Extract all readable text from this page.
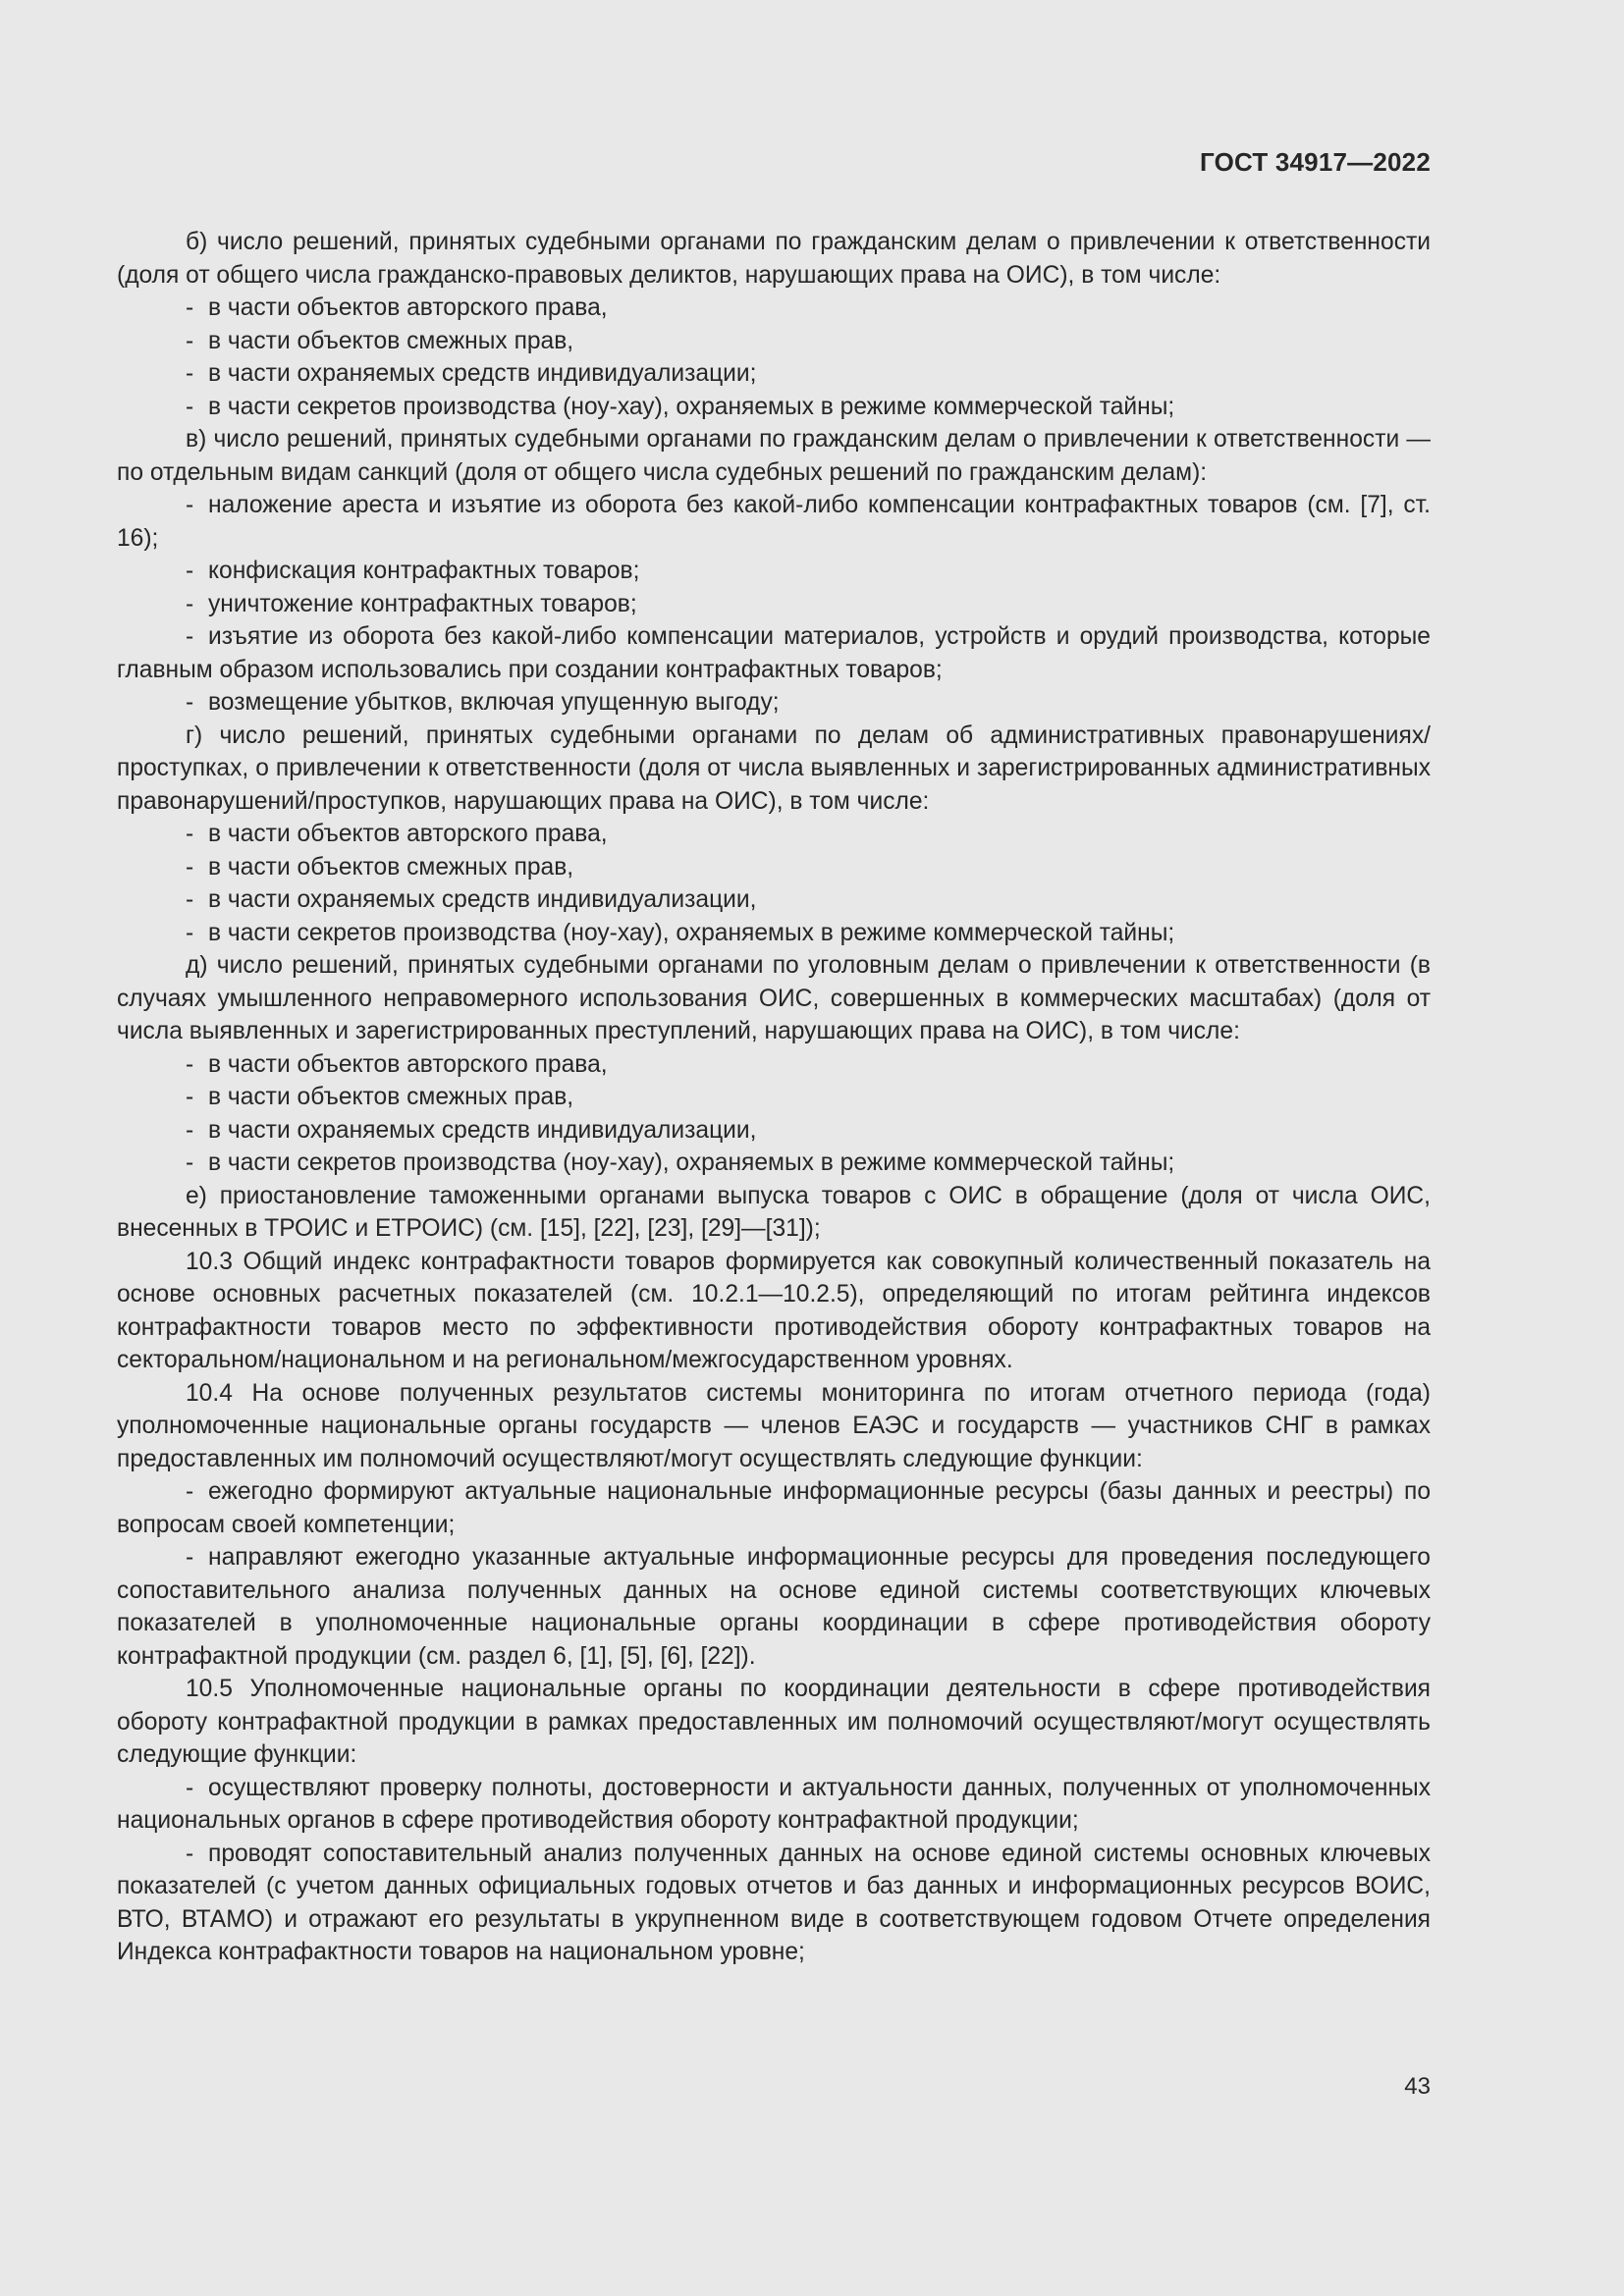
ГОСТ 34917—2022

б) число решений, принятых судебными органами по гражданским делам о привлечении к ответственности (доля от общего числа гражданско-правовых деликтов, нарушающих права на ОИС), в том числе:

- в части объектов авторского права,

- в части объектов смежных прав,

- в части охраняемых средств индивидуализации;

- в части секретов производства (ноу-хау), охраняемых в режиме коммерческой тайны;

в) число решений, принятых судебными органами по гражданским делам о привлечении к ответственности — по отдельным видам санкций (доля от общего числа судебных решений по гражданским делам):

- наложение ареста и изъятие из оборота без какой-либо компенсации контрафактных товаров (см. [7], ст. 16);

- конфискация контрафактных товаров;

- уничтожение контрафактных товаров;

- изъятие из оборота без какой-либо компенсации материалов, устройств и орудий производства, которые главным образом использовались при создании контрафактных товаров;

- возмещение убытков, включая упущенную выгоду;

г) число решений, принятых судебными органами по делам об административных правонарушениях/проступках, о привлечении к ответственности (доля от числа выявленных и зарегистрированных административных правонарушений/проступков, нарушающих права на ОИС), в том числе:

- в части объектов авторского права,

- в части объектов смежных прав,

- в части охраняемых средств индивидуализации,

- в части секретов производства (ноу-хау), охраняемых в режиме коммерческой тайны;

д) число решений, принятых судебными органами по уголовным делам о привлечении к ответственности (в случаях умышленного неправомерного использования ОИС, совершенных в коммерческих масштабах) (доля от числа выявленных и зарегистрированных преступлений, нарушающих права на ОИС), в том числе:

- в части объектов авторского права,

- в части объектов смежных прав,

- в части охраняемых средств индивидуализации,

- в части секретов производства (ноу-хау), охраняемых в режиме коммерческой тайны;

е) приостановление таможенными органами выпуска товаров с ОИС в обращение (доля от числа ОИС, внесенных в ТРОИС и ЕТРОИС) (см. [15], [22], [23], [29]—[31]);

10.3 Общий индекс контрафактности товаров формируется как совокупный количественный показатель на основе основных расчетных показателей (см. 10.2.1—10.2.5), определяющий по итогам рейтинга индексов контрафактности товаров место по эффективности противодействия обороту контрафактных товаров на секторальном/национальном и на региональном/межгосударственном уровнях.

10.4 На основе полученных результатов системы мониторинга по итогам отчетного периода (года) уполномоченные национальные органы государств — членов ЕАЭС и государств — участников СНГ в рамках предоставленных им полномочий осуществляют/могут осуществлять следующие функции:

- ежегодно формируют актуальные национальные информационные ресурсы (базы данных и реестры) по вопросам своей компетенции;

- направляют ежегодно указанные актуальные информационные ресурсы для проведения последующего сопоставительного анализа полученных данных на основе единой системы соответствующих ключевых показателей в уполномоченные национальные органы координации в сфере противодействия обороту контрафактной продукции (см. раздел 6, [1], [5], [6], [22]).

10.5 Уполномоченные национальные органы по координации деятельности в сфере противодействия обороту контрафактной продукции в рамках предоставленных им полномочий осуществляют/могут осуществлять следующие функции:

- осуществляют проверку полноты, достоверности и актуальности данных, полученных от уполномоченных национальных органов в сфере противодействия обороту контрафактной продукции;

- проводят сопоставительный анализ полученных данных на основе единой системы основных ключевых показателей (с учетом данных официальных годовых отчетов и баз данных и информационных ресурсов ВОИС, ВТО, ВТАМО) и отражают его результаты в укрупненном виде в соответствующем годовом Отчете определения Индекса контрафактности товаров на национальном уровне;

43
